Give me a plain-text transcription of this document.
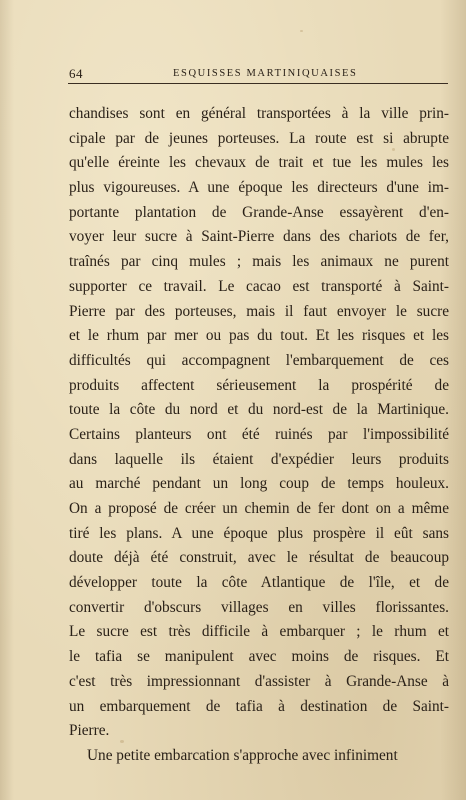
64	ESQUISSES MARTINIQUAISES
chandises sont en général transportées à la ville prin-
cipale par de jeunes porteuses. La route est si abrupte
qu'elle éreinte les chevaux de trait et tue les mules les
plus vigoureuses. A une époque les directeurs d'une im-
portante plantation de Grande-Anse essayèrent d'en-
voyer leur sucre à Saint-Pierre dans des chariots de fer,
traînés par cinq mules ; mais les animaux ne purent
supporter ce travail. Le cacao est transporté à Saint-
Pierre par des porteuses, mais il faut envoyer le sucre
et le rhum par mer ou pas du tout. Et les risques et les
difficultés qui accompagnent l'embarquement de ces
produits affectent sérieusement la prospérité de
toute la côte du nord et du nord-est de la Martinique.
Certains planteurs ont été ruinés par l'impossibilité
dans laquelle ils étaient d'expédier leurs produits
au marché pendant un long coup de temps houleux.
On a proposé de créer un chemin de fer dont on a même
tiré les plans. A une époque plus prospère il eût sans
doute déjà été construit, avec le résultat de beaucoup
développer toute la côte Atlantique de l'île, et de
convertir d'obscurs villages en villes florissantes.
Le sucre est très difficile à embarquer ; le rhum et
le tafia se manipulent avec moins de risques. Et
c'est très impressionnant d'assister à Grande-Anse à
un embarquement de tafia à destination de Saint-
Pierre.
Une petite embarcation s'approche avec infiniment
